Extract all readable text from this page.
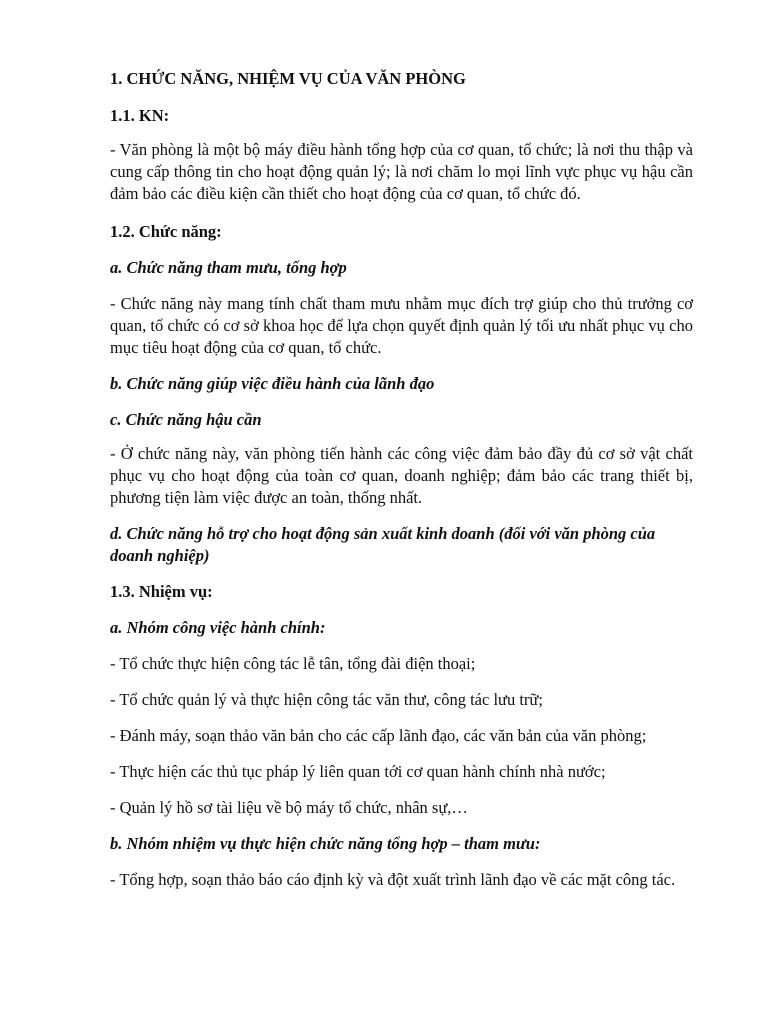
1. CHỨC NĂNG, NHIỆM VỤ CỦA VĂN PHÒNG

1.1. KN:

- Văn phòng là một bộ máy điều hành tổng hợp của cơ quan, tổ chức; là nơi thu thập và cung cấp thông tin cho hoạt động quản lý; là nơi chăm lo mọi lĩnh vực phục vụ hậu cần đảm bảo các điều kiện cần thiết cho hoạt động của cơ quan, tổ chức đó.

1.2. Chức năng:

a. Chức năng tham mưu, tổng hợp

- Chức năng này mang tính chất tham mưu nhằm mục đích trợ giúp cho thủ trưởng cơ quan, tổ chức có cơ sở khoa học để lựa chọn quyết định quản lý tối ưu nhất phục vụ cho mục tiêu hoạt động của cơ quan, tổ chức.

b. Chức năng giúp việc điều hành của lãnh đạo

c. Chức năng hậu cần

- Ở chức năng này, văn phòng tiến hành các công việc đảm bảo đầy đủ cơ sở vật chất phục vụ cho hoạt động của toàn cơ quan, doanh nghiệp; đảm bảo các trang thiết bị, phương tiện làm việc được an toàn, thống nhất.

d. Chức năng hỗ trợ cho hoạt động sản xuất kinh doanh (đối với văn phòng của doanh nghiệp)

1.3. Nhiệm vụ:

a. Nhóm công việc hành chính:

- Tổ chức thực hiện công tác lễ tân, tổng đài điện thoại;

- Tổ chức quản lý và thực hiện công tác văn thư, công tác lưu trữ;

- Đánh máy, soạn thảo văn bản cho các cấp lãnh đạo, các văn bản của văn phòng;

- Thực hiện các thủ tục pháp lý liên quan tới cơ quan hành chính nhà nước;

- Quản lý hồ sơ tài liệu về bộ máy tổ chức, nhân sự,…

b. Nhóm nhiệm vụ thực hiện chức năng tổng hợp – tham mưu:

- Tổng hợp, soạn thảo báo cáo định kỳ và đột xuất trình lãnh đạo về các mặt công tác.
